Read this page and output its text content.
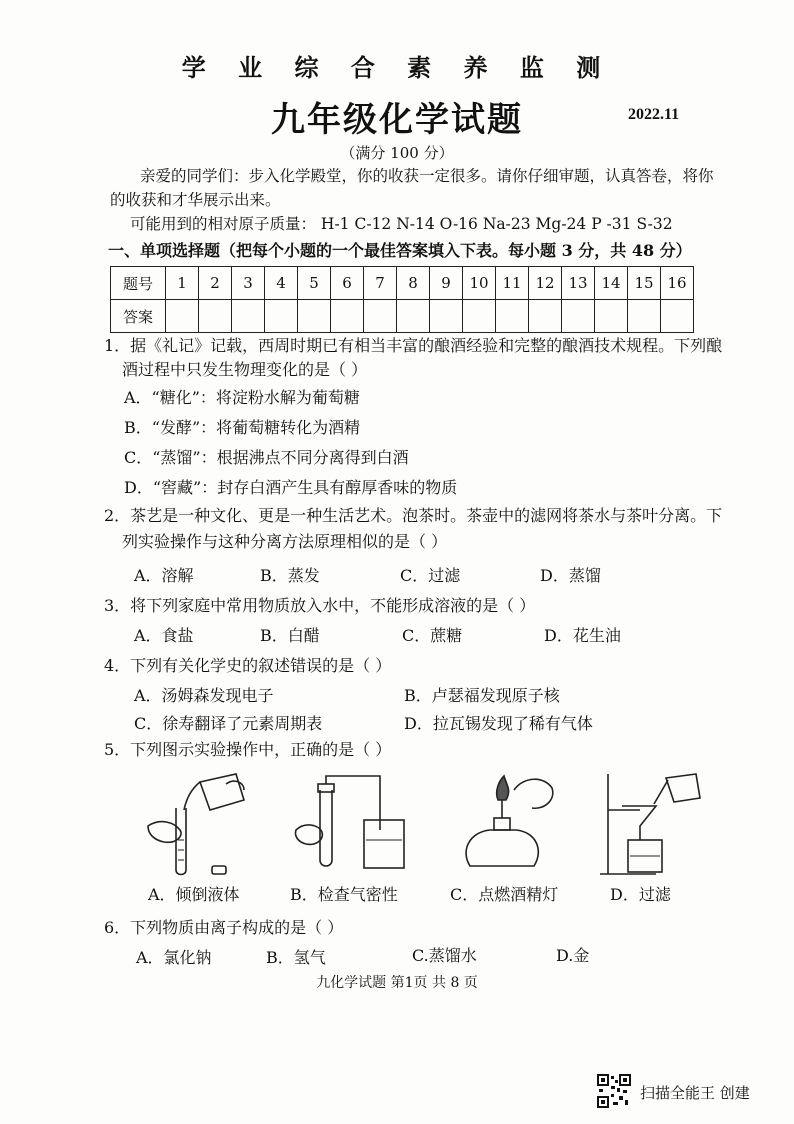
学 业 综 合 素 养 监 测
九年级化学试题	2022.11
（满分 100 分）
亲爱的同学们：步入化学殿堂，你的收获一定很多。请你仔细审题，认真答卷，将你
的收获和才华展示出来。
可能用到的相对原子质量： H-1 C-12 N-14 O-16 Na-23 Mg-24 P -31 S-32
一、单项选择题（把每个小题的一个最佳答案填入下表。每小题 3 分，共 48 分）
题号	1	2	3	4	5	6	7	8	9	10	11	12	13	14	15	16
答案																
1．据《礼记》记载，西周时期已有相当丰富的酿酒经验和完整的酿酒技术规程。下列酿
酒过程中只发生物理变化的是（ ）
A．“糖化”：将淀粉水解为葡萄糖
B．“发酵”：将葡萄糖转化为酒精
C．“蒸馏”：根据沸点不同分离得到白酒
D．“窖藏”：封存白酒产生具有醇厚香味的物质
2．茶艺是一种文化、更是一种生活艺术。泡茶时。茶壶中的滤网将茶水与茶叶分离。下
列实验操作与这种分离方法原理相似的是（ ）
A．溶解	B．蒸发	C．过滤	D．蒸馏
3．将下列家庭中常用物质放入水中，不能形成溶液的是（ ）
A．食盐	B．白醋	C．蔗糖	D．花生油
4．下列有关化学史的叙述错误的是（ ）
A．汤姆森发现电子	B．卢瑟福发现原子核
C．徐寿翻译了元素周期表	D．拉瓦锡发现了稀有气体
5．下列图示实验操作中，正确的是（ ）
A．倾倒液体	B．检查气密性	C．点燃酒精灯	D．过滤
6．下列物质由离子构成的是（ ）
A．氯化钠	B．氢气	C.蒸馏水	D.金
九化学试题 第1页 共 8 页
扫描全能王 创建
